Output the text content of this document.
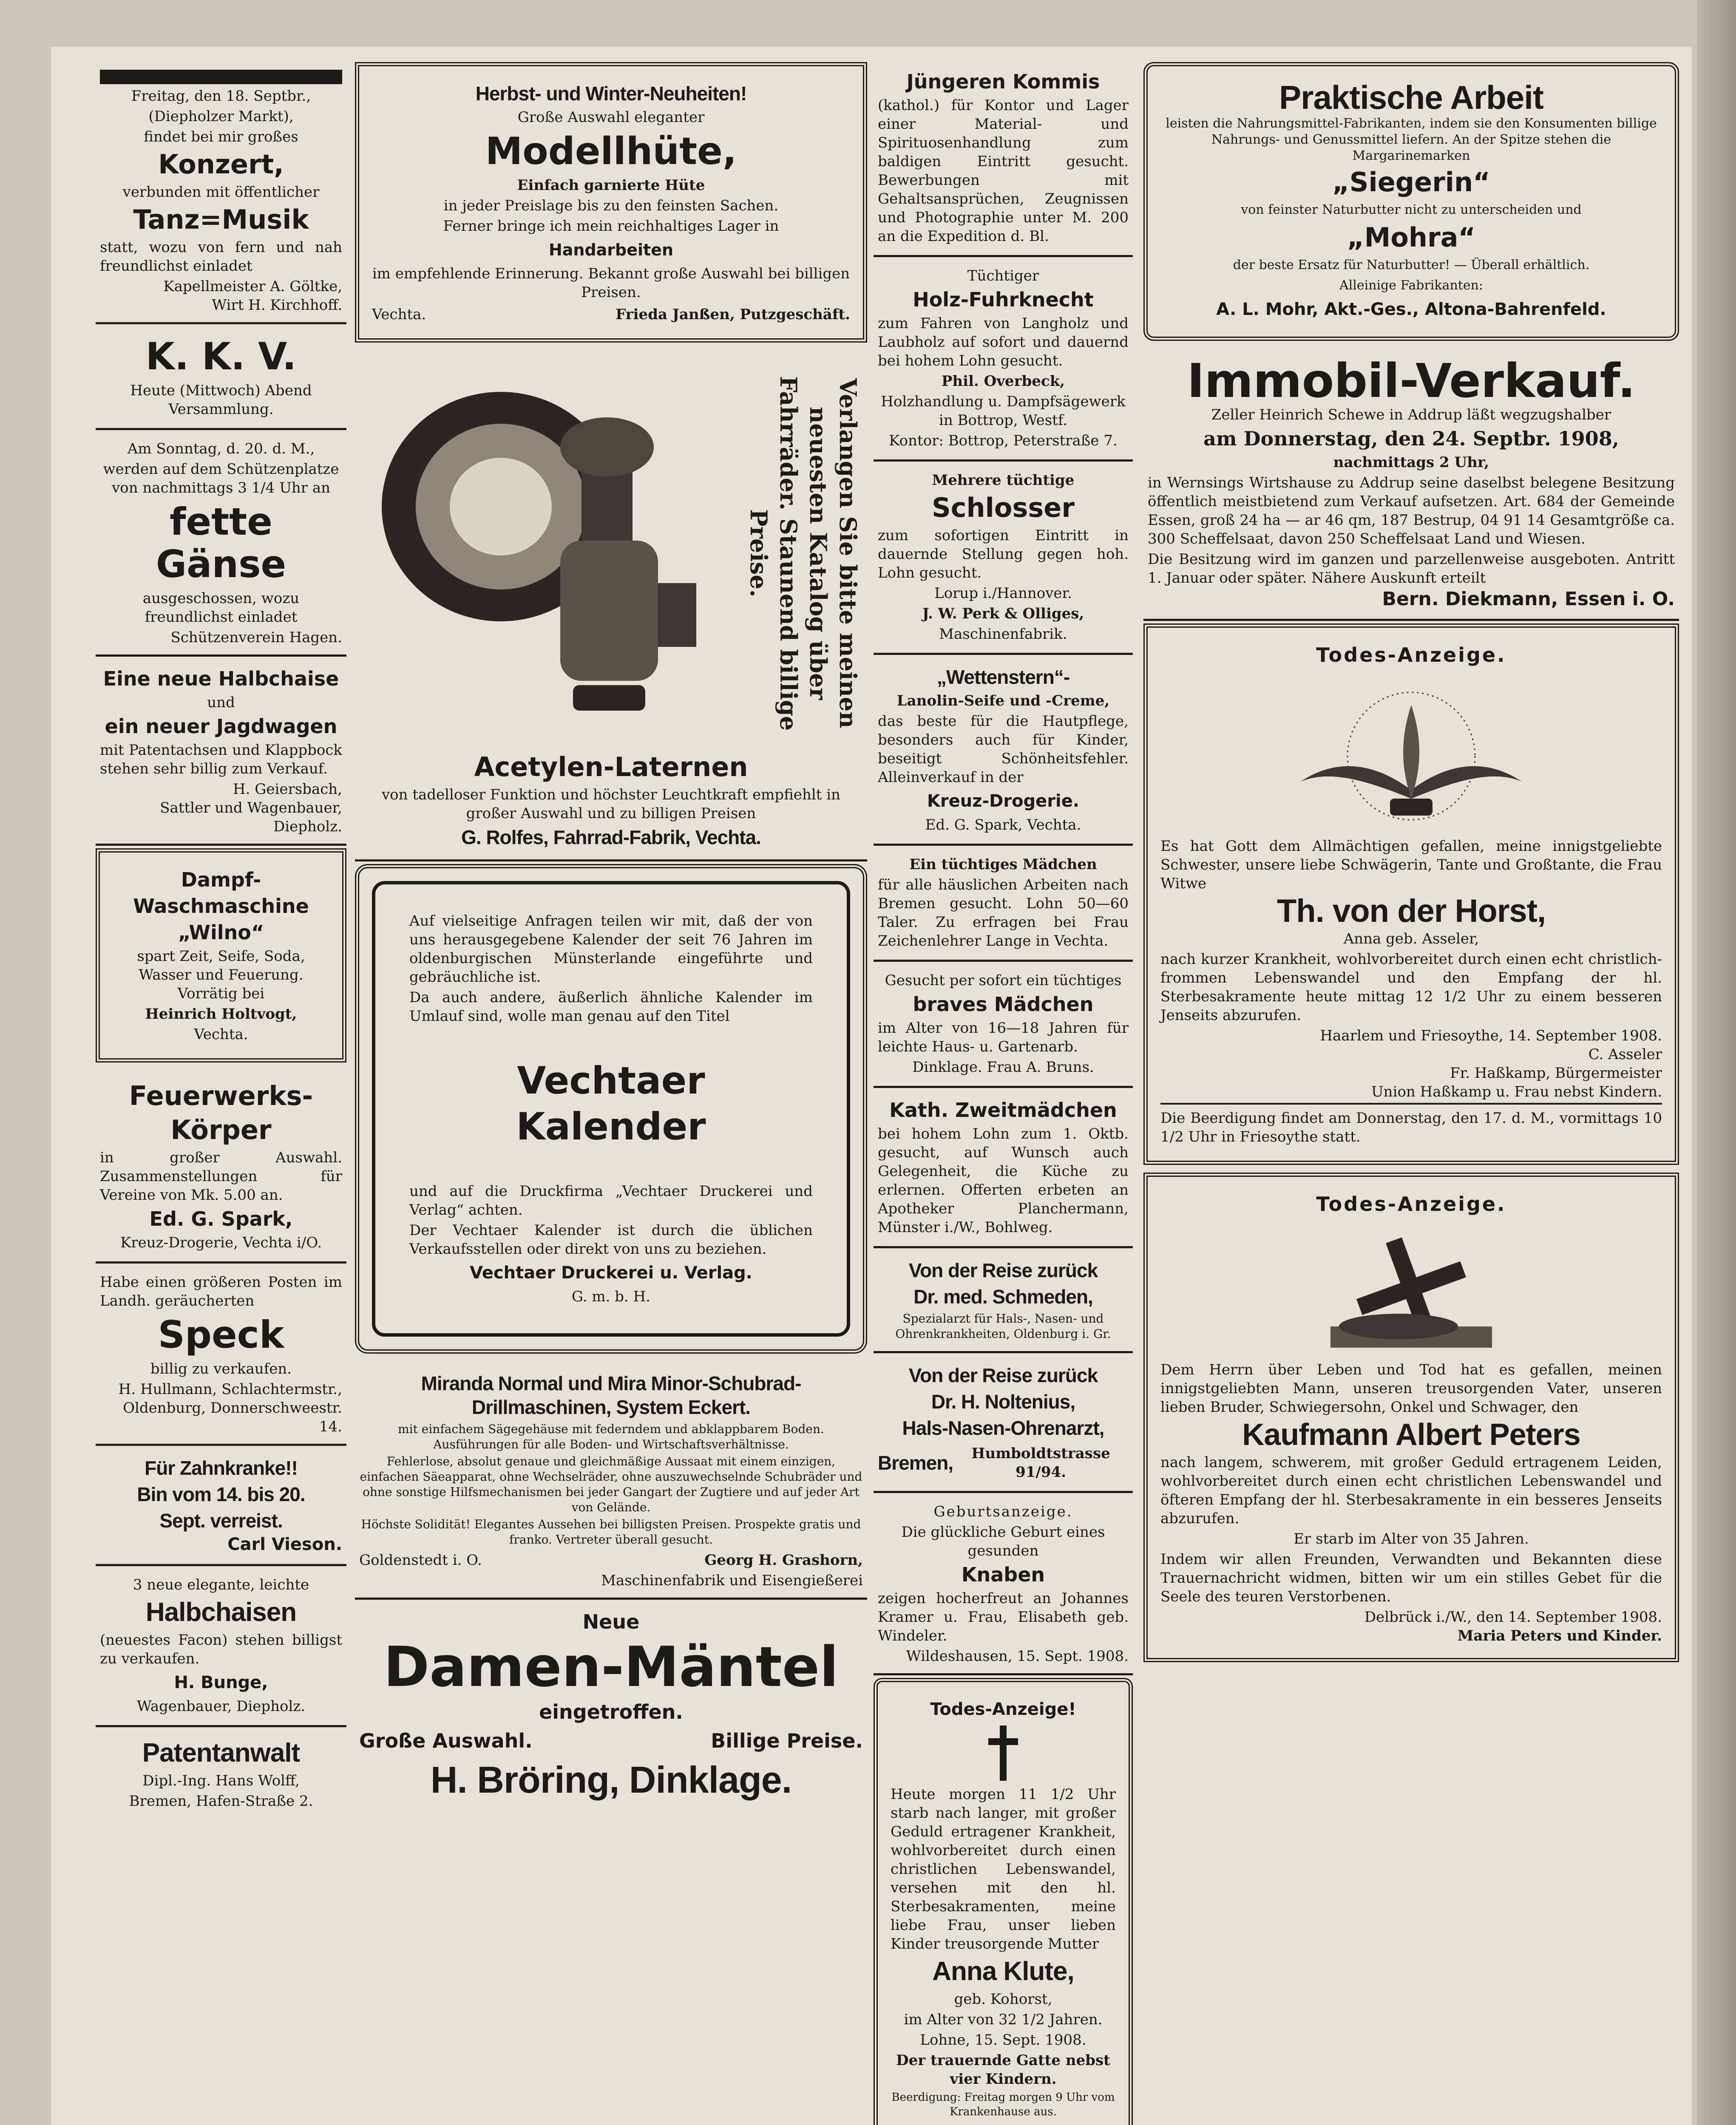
Freitag, den 18. Septbr.,
(Diepholzer Markt),
findet bei mir großes
Konzert,
verbunden mit öffentlicher
Tanz=Musik
statt, wozu von fern und nah freundlichst einladet
Kapellmeister A. Göltke,
Wirt H. Kirchhoff.
K. K. V.
Heute (Mittwoch) Abend Versammlung.
Am Sonntag, d. 20. d. M.,
werden auf dem Schützenplatze von nachmittags 3 1/4 Uhr an
fette Gänse
ausgeschossen, wozu freundlichst einladet
Schützenverein Hagen.
Eine neue Halbchaise
und
ein neuer Jagdwagen
mit Patentachsen und Klappbock stehen sehr billig zum Verkauf.
H. Geiersbach,
Sattler und Wagenbauer, Diepholz.
Dampf-
Waschmaschine
„Wilno“
spart Zeit, Seife, Soda, Wasser und Feuerung. Vorrätig bei
Heinrich Holtvogt,
Vechta.
Feuerwerks-
Körper
in großer Auswahl. Zusammenstellungen für Vereine von Mk. 5.00 an.
Ed. G. Spark,
Kreuz-Drogerie, Vechta i/O.
Habe einen größeren Posten im Landh. geräucherten
Speck
billig zu verkaufen.
H. Hullmann, Schlachtermstr.,
Oldenburg, Donnerschweestr. 14.
Für Zahnkranke!!
Bin vom 14. bis 20.
Sept. verreist.
Carl Vieson.
3 neue elegante, leichte
Halbchaisen
(neuestes Facon) stehen billigst zu verkaufen.
H. Bunge,
Wagenbauer, Diepholz.
Patentanwalt
Dipl.-Ing. Hans Wolff,
Bremen, Hafen-Straße 2.
Herbst- und Winter-Neuheiten!
Große Auswahl eleganter
Modellhüte,
Einfach garnierte Hüte
in jeder Preislage bis zu den feinsten Sachen.
Ferner bringe ich mein reichhaltiges Lager in
Handarbeiten
im empfehlende Erinnerung. Bekannt große Auswahl bei billigen Preisen.
Vechta.	Frieda Janßen, Putzgeschäft.
Verlangen Sie bitte meinen neuesten Katalog über Fahrräder. Staunend billige Preise.
Acetylen-Laternen
von tadelloser Funktion und höchster Leuchtkraft empfiehlt in großer Auswahl und zu billigen Preisen
G. Rolfes, Fahrrad-Fabrik, Vechta.
Auf vielseitige Anfragen teilen wir mit, daß der von uns herausgegebene Kalender der seit 76 Jahren im oldenburgischen Münsterlande eingeführte und gebräuchliche ist.
Da auch andere, äußerlich ähnliche Kalender im Umlauf sind, wolle man genau auf den Titel
Vechtaer
Kalender
und auf die Druckfirma „Vechtaer Druckerei und Verlag“ achten.
Der Vechtaer Kalender ist durch die üblichen Verkaufsstellen oder direkt von uns zu beziehen.
Vechtaer Druckerei u. Verlag.
G. m. b. H.
Miranda Normal und Mira Minor-Schubrad-Drillmaschinen, System Eckert.
mit einfachem Sägegehäuse mit federndem und abklappbarem Boden. Ausführungen für alle Boden- und Wirtschaftsverhältnisse.
Fehlerlose, absolut genaue und gleichmäßige Aussaat mit einem einzigen, einfachen Säeapparat, ohne Wechselräder, ohne auszuwechselnde Schubräder und ohne sonstige Hilfsmechanismen bei jeder Gangart der Zugtiere und auf jeder Art von Gelände.
Höchste Solidität! Elegantes Aussehen bei billigsten Preisen. Prospekte gratis und franko. Vertreter überall gesucht.
Goldenstedt i. O.	Georg H. Grashorn,
Maschinenfabrik und Eisengießerei
Neue
Damen-Mäntel
eingetroffen.
Große Auswahl.	Billige Preise.
H. Bröring, Dinklage.
Jüngeren Kommis
(kathol.) für Kontor und Lager einer Material- und Spirituosenhandlung zum baldigen Eintritt gesucht. Bewerbungen mit Gehaltsansprüchen, Zeugnissen und Photographie unter M. 200 an die Expedition d. Bl.
Tüchtiger
Holz-Fuhrknecht
zum Fahren von Langholz und Laubholz auf sofort und dauernd bei hohem Lohn gesucht.
Phil. Overbeck,
Holzhandlung u. Dampfsägewerk in Bottrop, Westf.
Kontor: Bottrop, Peterstraße 7.
Mehrere tüchtige
Schlosser
zum sofortigen Eintritt in dauernde Stellung gegen hoh. Lohn gesucht.
Lorup i./Hannover.
J. W. Perk & Olliges,
Maschinenfabrik.
„Wettenstern“-
Lanolin-Seife und -Creme,
das beste für die Hautpflege, besonders auch für Kinder, beseitigt Schönheitsfehler. Alleinverkauf in der
Kreuz-Drogerie.
Ed. G. Spark, Vechta.
Ein tüchtiges Mädchen
für alle häuslichen Arbeiten nach Bremen gesucht. Lohn 50—60 Taler. Zu erfragen bei Frau Zeichenlehrer Lange in Vechta.
Gesucht per sofort ein tüchtiges
braves Mädchen
im Alter von 16—18 Jahren für leichte Haus- u. Gartenarb.
Dinklage. Frau A. Bruns.
Kath. Zweitmädchen
bei hohem Lohn zum 1. Oktb. gesucht, auf Wunsch auch Gelegenheit, die Küche zu erlernen. Offerten erbeten an Apotheker Planchermann, Münster i./W., Bohlweg.
Von der Reise zurück
Dr. med. Schmeden,
Spezialarzt für Hals-, Nasen- und Ohrenkrankheiten, Oldenburg i. Gr.
Von der Reise zurück
Dr. H. Noltenius,
Hals-Nasen-Ohrenarzt,
Bremen,	Humboldtstrasse 91/94.
Geburtsanzeige.
Die glückliche Geburt eines gesunden
Knaben
zeigen hocherfreut an Johannes Kramer u. Frau, Elisabeth geb. Windeler.
Wildeshausen, 15. Sept. 1908.
Todes-Anzeige!
Heute morgen 11 1/2 Uhr starb nach langer, mit großer Geduld ertragener Krankheit, wohlvorbereitet durch einen christlichen Lebenswandel, versehen mit den hl. Sterbesakramenten, meine liebe Frau, unser lieben Kinder treusorgende Mutter
Anna Klute,
geb. Kohorst,
im Alter von 32 1/2 Jahren.
Lohne, 15. Sept. 1908.
Der trauernde Gatte nebst vier Kindern.
Beerdigung: Freitag morgen 9 Uhr vom Krankenhause aus.
Praktische Arbeit
leisten die Nahrungsmittel-Fabrikanten, indem sie den Konsumenten billige Nahrungs- und Genussmittel liefern. An der Spitze stehen die Margarinemarken
„Siegerin“
von feinster Naturbutter nicht zu unterscheiden und
„Mohra“
der beste Ersatz für Naturbutter! — Überall erhältlich.
Alleinige Fabrikanten:
A. L. Mohr, Akt.-Ges., Altona-Bahrenfeld.
Immobil-Verkauf.
Zeller Heinrich Schewe in Addrup läßt wegzugshalber
am Donnerstag, den 24. Septbr. 1908,
nachmittags 2 Uhr,
in Wernsings Wirtshause zu Addrup seine daselbst belegene Besitzung öffentlich meistbietend zum Verkauf aufsetzen. Art. 684 der Gemeinde Essen, groß 24 ha — ar 46 qm, 187 Bestrup, 04 91 14 Gesamtgröße ca. 300 Scheffelsaat, davon 250 Scheffelsaat Land und Wiesen.
Die Besitzung wird im ganzen und parzellenweise ausgeboten. Antritt 1. Januar oder später. Nähere Auskunft erteilt
Bern. Diekmann, Essen i. O.
Todes-Anzeige.
Es hat Gott dem Allmächtigen gefallen, meine innigstgeliebte Schwester, unsere liebe Schwägerin, Tante und Großtante, die Frau Witwe
Th. von der Horst,
Anna geb. Asseler,
nach kurzer Krankheit, wohlvorbereitet durch einen echt christlich-frommen Lebenswandel und den Empfang der hl. Sterbesakramente heute mittag 12 1/2 Uhr zu einem besseren Jenseits abzurufen.
Haarlem und Friesoythe, 14. September 1908.
C. Asseler
Fr. Haßkamp, Bürgermeister
Union Haßkamp u. Frau nebst Kindern.
Die Beerdigung findet am Donnerstag, den 17. d. M., vormittags 10 1/2 Uhr in Friesoythe statt.
Todes-Anzeige.
Dem Herrn über Leben und Tod hat es gefallen, meinen innigstgeliebten Mann, unseren treusorgenden Vater, unseren lieben Bruder, Schwiegersohn, Onkel und Schwager, den
Kaufmann Albert Peters
nach langem, schwerem, mit großer Geduld ertragenem Leiden, wohlvorbereitet durch einen echt christlichen Lebenswandel und öfteren Empfang der hl. Sterbesakramente in ein besseres Jenseits abzurufen.
Er starb im Alter von 35 Jahren.
Indem wir allen Freunden, Verwandten und Bekannten diese Trauernachricht widmen, bitten wir um ein stilles Gebet für die Seele des teuren Verstorbenen.
Delbrück i./W., den 14. September 1908.
Maria Peters und Kinder.
